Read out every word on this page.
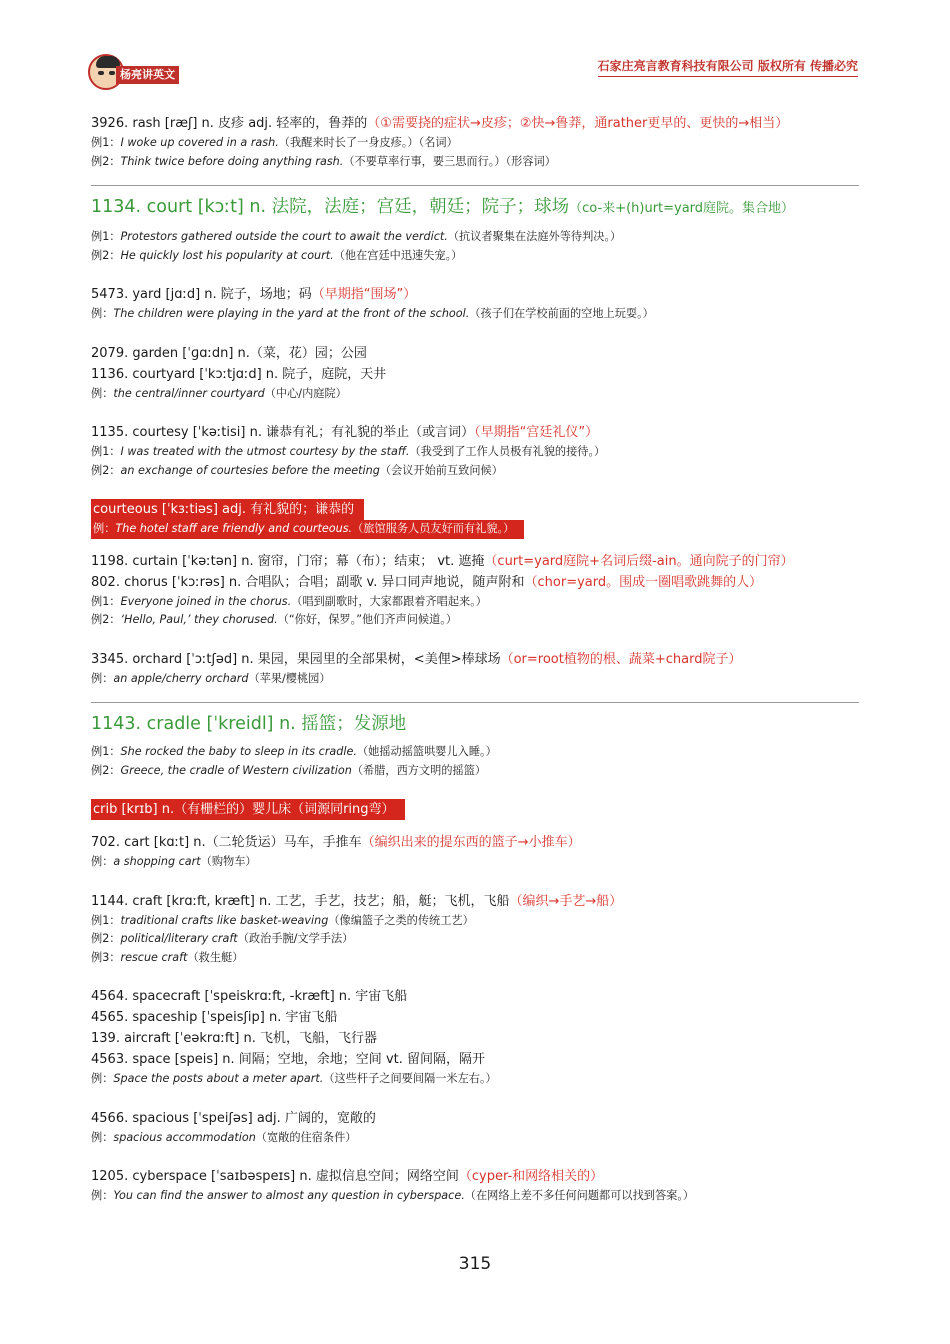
杨亮讲英文
石家庄亮言教育科技有限公司 版权所有 传播必究
3926. rash [ræʃ] n. 皮疹 adj. 轻率的，鲁莽的（①需要挠的症状→皮疹；②快→鲁莽，通rather更早的、更快的→相当）
例1：I woke up covered in a rash.（我醒来时长了一身皮疹。）（名词）
例2：Think twice before doing anything rash.（不要草率行事，要三思而行。）（形容词）
1134. court [kɔːt] n. 法院，法庭；宫廷，朝廷；院子；球场（co-来+(h)urt=yard庭院。集合地）
例1：Protestors gathered outside the court to await the verdict.（抗议者聚集在法庭外等待判决。）
例2：He quickly lost his popularity at court.（他在宫廷中迅速失宠。）
5473. yard [jɑːd] n. 院子，场地；码（早期指“围场”）
例：The children were playing in the yard at the front of the school.（孩子们在学校前面的空地上玩耍。）
2079. garden [ˈɡɑːdn] n.（菜，花）园；公园
1136. courtyard [ˈkɔːtjɑːd] n. 院子，庭院，天井
例：the central/inner courtyard（中心/内庭院）
1135. courtesy [ˈkəːtisi] n. 谦恭有礼；有礼貌的举止（或言词）（早期指“宫廷礼仪”）
例1：I was treated with the utmost courtesy by the staff.（我受到了工作人员极有礼貌的接待。）
例2：an exchange of courtesies before the meeting（会议开始前互致问候）
courteous [ˈkɜːtiəs] adj. 有礼貌的；谦恭的
例：The hotel staff are friendly and courteous.（旅馆服务人员友好而有礼貌。）
1198. curtain [ˈkəːtən] n. 窗帘，门帘；幕（布）；结束； vt. 遮掩（curt=yard庭院+名词后缀-ain。通向院子的门帘）
802. chorus [ˈkɔːrəs] n. 合唱队；合唱；副歌 v. 异口同声地说，随声附和（chor=yard。围成一圈唱歌跳舞的人）
例1：Everyone joined in the chorus.（唱到副歌时，大家都跟着齐唱起来。）
例2：‘Hello, Paul,’ they chorused.（“你好，保罗。”他们齐声问候道。）
3345. orchard [ˈɔːtʃəd] n. 果园，果园里的全部果树，<美俚>棒球场（or=root植物的根、蔬菜+chard院子）
例：an apple/cherry orchard（苹果/樱桃园）
1143. cradle [ˈkreidl] n. 摇篮；发源地
例1：She rocked the baby to sleep in its cradle.（她摇动摇篮哄婴儿入睡。）
例2：Greece, the cradle of Western civilization（希腊，西方文明的摇篮）
crib [krɪb] n.（有栅栏的）婴儿床（词源同ring弯）
702. cart [kɑːt] n.（二轮货运）马车，手推车（编织出来的提东西的篮子→小推车）
例：a shopping cart（购物车）
1144. craft [krɑːft, kræft] n. 工艺，手艺，技艺；船，艇；飞机，飞船（编织→手艺→船）
例1：traditional crafts like basket-weaving（像编篮子之类的传统工艺）
例2：political/literary craft（政治手腕/文学手法）
例3：rescue craft（救生艇）
4564. spacecraft [ˈspeiskrɑːft, -kræft] n. 宇宙飞船
4565. spaceship [ˈspeisʃip] n. 宇宙飞船
139. aircraft [ˈeəkrɑːft] n. 飞机，飞船，飞行器
4563. space [speis] n. 间隔；空地，余地；空间 vt. 留间隔，隔开
例：Space the posts about a meter apart.（这些杆子之间要间隔一米左右。）
4566. spacious [ˈspeiʃəs] adj. 广阔的，宽敞的
例：spacious accommodation（宽敞的住宿条件）
1205. cyberspace [ˈsaɪbəspeɪs] n. 虚拟信息空间；网络空间（cyper-和网络相关的）
例：You can find the answer to almost any question in cyberspace.（在网络上差不多任何问题都可以找到答案。）
315
